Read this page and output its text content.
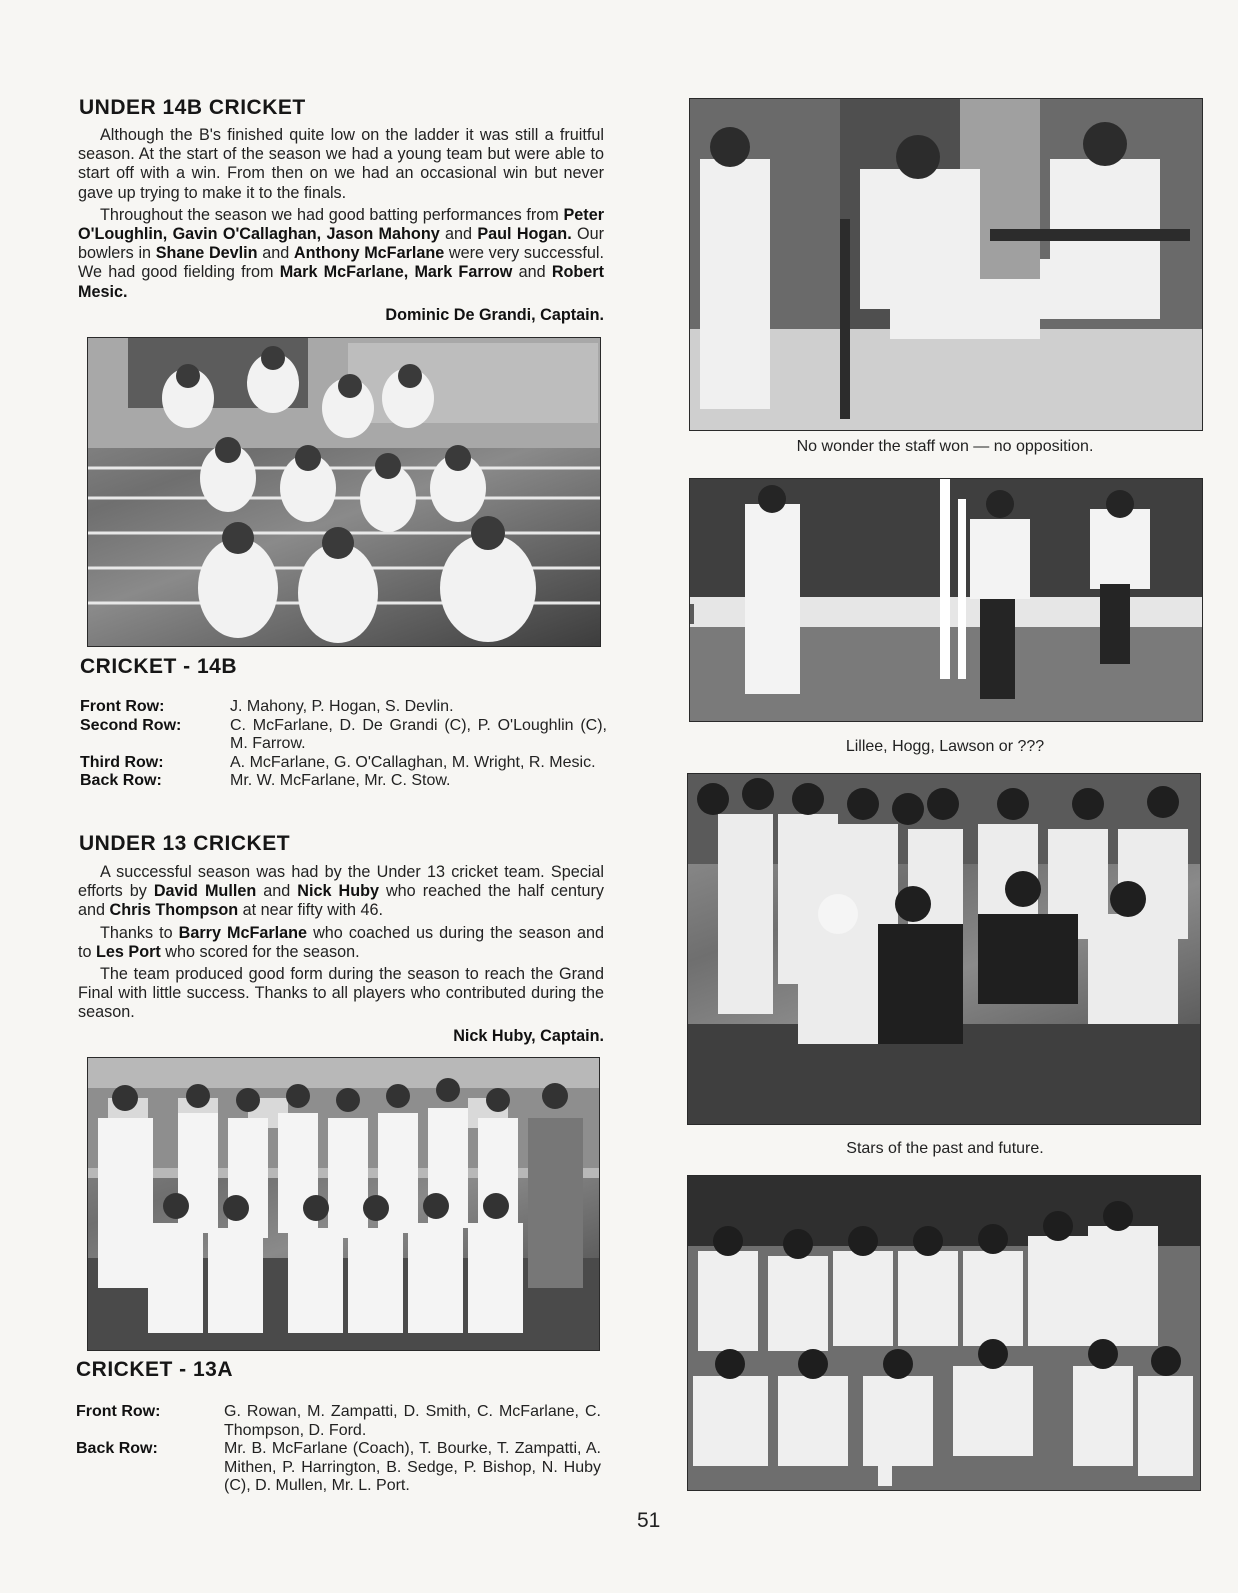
UNDER 14B CRICKET

Although the B's finished quite low on the ladder it was still a fruitful season. At the start of the season we had a young team but were able to start off with a win. From then on we had an occasional win but never gave up trying to make it to the finals.

Throughout the season we had good batting performances from Peter O'Loughlin, Gavin O'Callaghan, Jason Mahony and Paul Hogan. Our bowlers in Shane Devlin and Anthony McFarlane were very successful. We had good fielding from Mark McFarlane, Mark Farrow and Robert Mesic.

Dominic De Grandi, Captain.
CRICKET - 14B
Front Row:	J. Mahony, P. Hogan, S. Devlin.
Second Row:	C. McFarlane, D. De Grandi (C), P. O'Loughlin (C), M. Farrow.
Third Row:	A. McFarlane, G. O'Callaghan, M. Wright, R. Mesic.
Back Row:	Mr. W. McFarlane, Mr. C. Stow.
UNDER 13 CRICKET

A successful season was had by the Under 13 cricket team. Special efforts by David Mullen and Nick Huby who reached the half century and Chris Thompson at near fifty with 46.

Thanks to Barry McFarlane who coached us during the season and to Les Port who scored for the season.

The team produced good form during the season to reach the Grand Final with little success. Thanks to all players who contributed during the season.

Nick Huby, Captain.
CRICKET - 13A
Front Row:	G. Rowan, M. Zampatti, D. Smith, C. McFarlane, C. Thompson, D. Ford.
Back Row:	Mr. B. McFarlane (Coach), T. Bourke, T. Zampatti, A. Mithen, P. Harrington, B. Sedge, P. Bishop, N. Huby (C), D. Mullen, Mr. L. Port.
No wonder the staff won — no opposition.
Lillee, Hogg, Lawson or ???
Stars of the past and future.
51
